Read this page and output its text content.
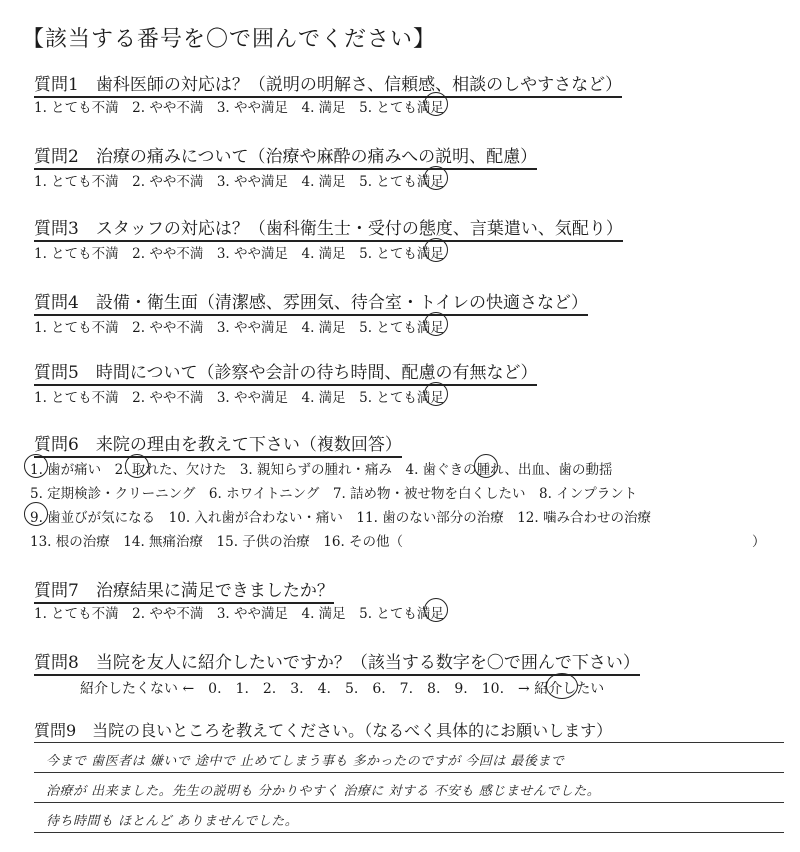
【該当する番号を〇で囲んでください】
質問1　歯科医師の対応は？（説明の明解さ、信頼感、相談のしやすさなど）
1. とても不満　2. やや不満　3. やや満足　4. 満足　5. とても満足
質問2　治療の痛みについて（治療や麻酔の痛みへの説明、配慮）
1. とても不満　2. やや不満　3. やや満足　4. 満足　5. とても満足
質問3　スタッフの対応は？（歯科衛生士・受付の態度、言葉遣い、気配り）
1. とても不満　2. やや不満　3. やや満足　4. 満足　5. とても満足
質問4　設備・衛生面（清潔感、雰囲気、待合室・トイレの快適さなど）
1. とても不満　2. やや不満　3. やや満足　4. 満足　5. とても満足
質問5　時間について（診察や会計の待ち時間、配慮の有無など）
1. とても不満　2. やや不満　3. やや満足　4. 満足　5. とても満足
質問6　来院の理由を教えて下さい（複数回答）
1. 歯が痛い　2. 取れた、欠けた　3. 親知らずの腫れ・痛み　4. 歯ぐきの腫れ、出血、歯の動揺
5. 定期検診・クリーニング　6. ホワイトニング　7. 詰め物・被せ物を白くしたい　8. インプラント
9. 歯並びが気になる　10. 入れ歯が合わない・痛い　11. 歯のない部分の治療　12. 噛み合わせの治療
13. 根の治療　14. 無痛治療　15. 子供の治療　16. その他（	）
質問7　治療結果に満足できましたか？
1. とても不満　2. やや不満　3. やや満足　4. 満足　5. とても満足
質問8　当院を友人に紹介したいですか？（該当する数字を〇で囲んで下さい）
紹介したくない ←　0.　1.　2.　3.　4.　5.　6.　7.　8.　9.　10.　→ 紹介したい
質問9　当院の良いところを教えてください。（なるべく具体的にお願いします）
今まで 歯医者は 嫌いで 途中で 止めてしまう事も 多かったのですが 今回は 最後まで
治療が 出来ました。先生の説明も 分かりやすく 治療に 対する 不安も 感じませんでした。
待ち時間も ほとんど ありませんでした。
